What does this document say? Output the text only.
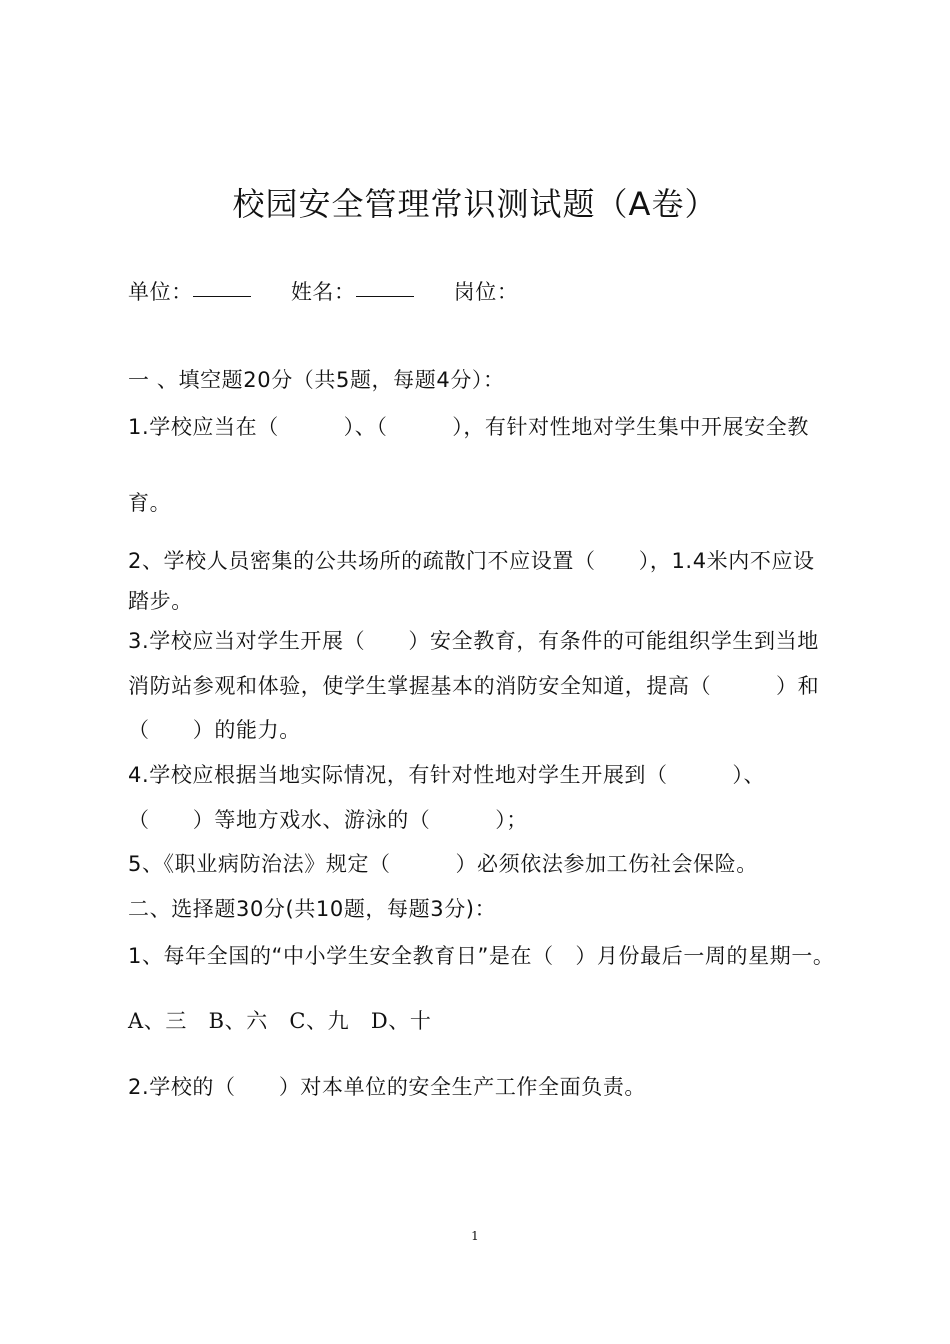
校园安全管理常识测试题（A卷）
单位：	姓名：	岗位：
一 、填空题20分（共5题，每题4分）：
1.学校应当在（　　　）、（　　　），有针对性地对学生集中开展安全教
育。
2、学校人员密集的公共场所的疏散门不应设置（　　），1.4米内不应设
踏步。
3.学校应当对学生开展（　　）安全教育，有条件的可能组织学生到当地
消防站参观和体验，使学生掌握基本的消防安全知道，提高（　　　）和
（　　）的能力。
4.学校应根据当地实际情况，有针对性地对学生开展到（　　　）、
（　　）等地方戏水、游泳的（　　　）；
5、《职业病防治法》规定（　　　）必须依法参加工伤社会保险。
二、选择题30分(共10题，每题3分)：
1、每年全国的“中小学生安全教育日”是在（　）月份最后一周的星期一。
A、三　B、六　C、九　D、十
2.学校的（　　）对本单位的安全生产工作全面负责。
1
